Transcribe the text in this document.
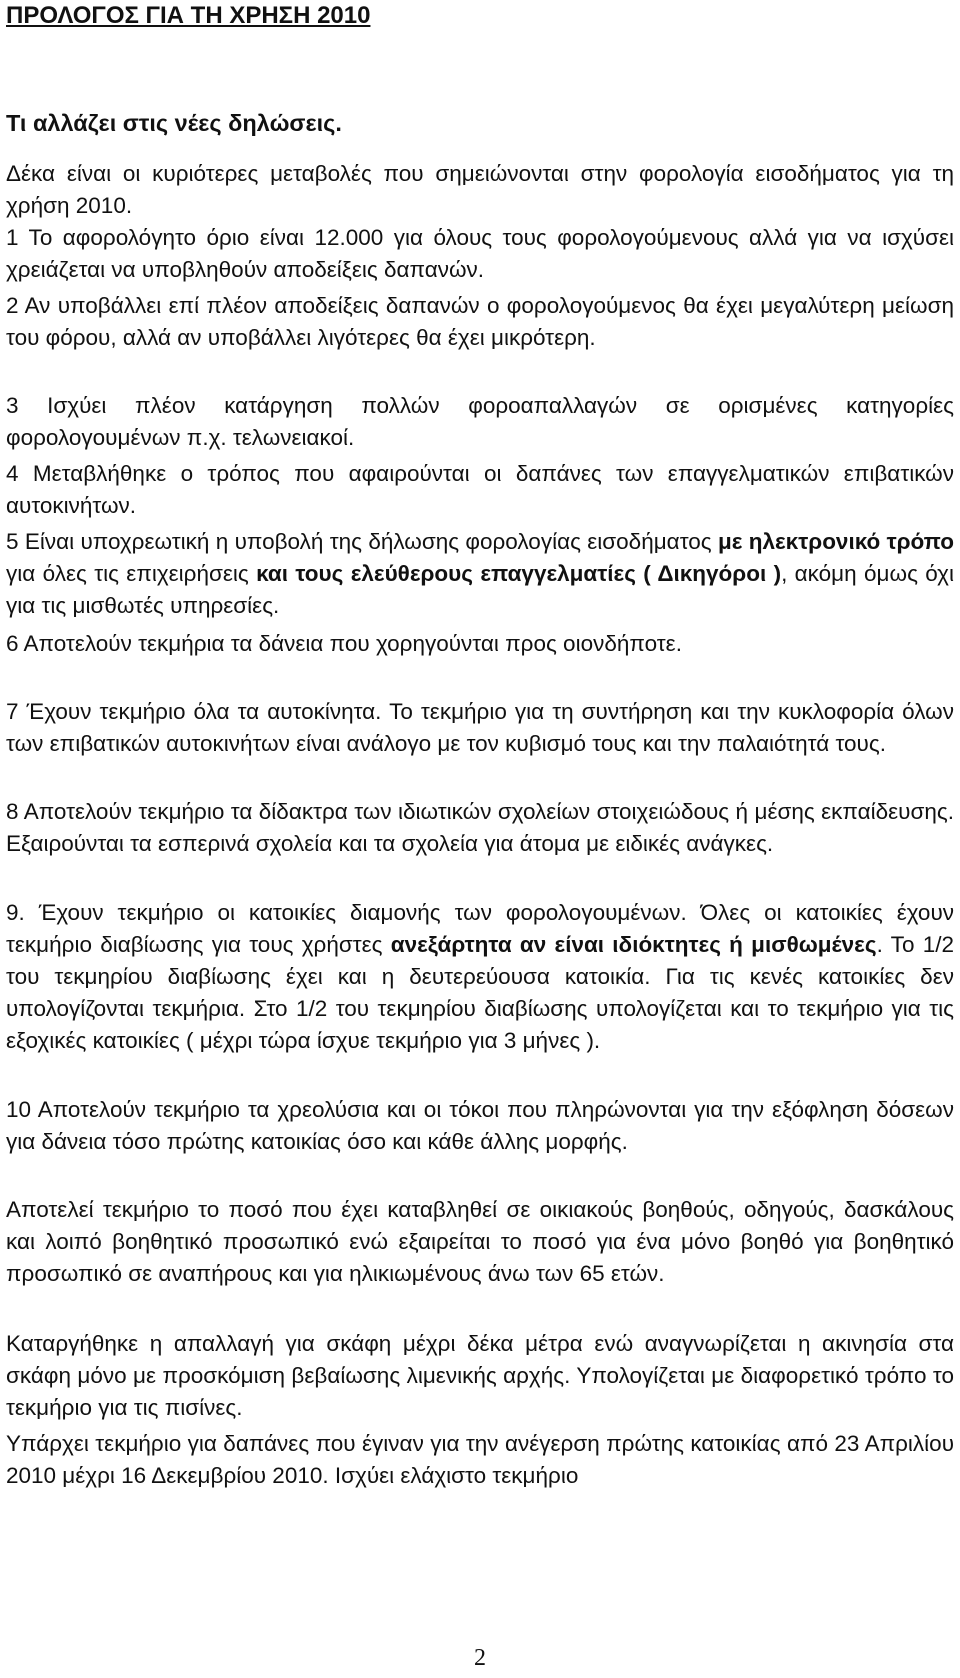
ΠΡΟΛΟΓΟΣ ΓΙΑ ΤΗ ΧΡΗΣΗ 2010
Τι αλλάζει στις νέες δηλώσεις.
Δέκα είναι οι κυριότερες μεταβολές που σημειώνονται στην φορολογία εισοδήματος για τη χρήση 2010.
1 Το αφορολόγητο όριο είναι 12.000 για όλους τους φορολογούμενους αλλά για να ισχύσει χρειάζεται να υποβληθούν αποδείξεις δαπανών.
2 Αν υποβάλλει επί πλέον αποδείξεις δαπανών ο φορολογούμενος θα έχει μεγαλύτερη μείωση του φόρου, αλλά αν υποβάλλει λιγότερες θα έχει μικρότερη.
3 Ισχύει πλέον κατάργηση πολλών φοροαπαλλαγών σε ορισμένες κατηγορίες φορολογουμένων π.χ. τελωνειακοί.
4 Μεταβλήθηκε ο τρόπος που αφαιρούνται οι δαπάνες των επαγγελματικών επιβατικών αυτοκινήτων.
5 Είναι υποχρεωτική η υποβολή της δήλωσης φορολογίας εισοδήματος με ηλεκτρονικό τρόπο για όλες τις επιχειρήσεις και τους ελεύθερους επαγγελματίες ( Δικηγόροι ), ακόμη όμως όχι για τις μισθωτές υπηρεσίες.
6 Αποτελούν τεκμήρια τα δάνεια που χορηγούνται προς οιονδήποτε.
7 Έχουν τεκμήριο όλα τα αυτοκίνητα. Το τεκμήριο για τη συντήρηση και την κυκλοφορία όλων των επιβατικών αυτοκινήτων είναι ανάλογο με τον κυβισμό τους και την παλαιότητά τους.
8 Αποτελούν τεκμήριο τα δίδακτρα των ιδιωτικών σχολείων στοιχειώδους ή μέσης εκπαίδευσης. Εξαιρούνται τα εσπερινά σχολεία και τα σχολεία για άτομα με ειδικές ανάγκες.
9. Έχουν τεκμήριο οι κατοικίες διαμονής των φορολογουμένων. Όλες οι κατοικίες έχουν τεκμήριο διαβίωσης για τους χρήστες ανεξάρτητα αν είναι ιδιόκτητες ή μισθωμένες. Το 1/2 του τεκμηρίου διαβίωσης έχει και η δευτερεύουσα κατοικία. Για τις κενές κατοικίες δεν υπολογίζονται τεκμήρια. Στο 1/2 του τεκμηρίου διαβίωσης υπολογίζεται και το τεκμήριο για τις εξοχικές κατοικίες ( μέχρι τώρα ίσχυε τεκμήριο για 3 μήνες ).
10 Αποτελούν τεκμήριο τα χρεολύσια και οι τόκοι που πληρώνονται για την εξόφληση δόσεων για δάνεια τόσο πρώτης κατοικίας όσο και κάθε άλλης μορφής.
Αποτελεί τεκμήριο το ποσό που έχει καταβληθεί σε οικιακούς βοηθούς, οδηγούς, δασκάλους και λοιπό βοηθητικό προσωπικό ενώ εξαιρείται το ποσό για ένα μόνο βοηθό για βοηθητικό προσωπικό σε αναπήρους και για ηλικιωμένους άνω των 65 ετών.
Καταργήθηκε η απαλλαγή για σκάφη μέχρι δέκα μέτρα ενώ αναγνωρίζεται η ακινησία στα σκάφη μόνο με προσκόμιση βεβαίωσης λιμενικής αρχής. Υπολογίζεται με διαφορετικό τρόπο το τεκμήριο για τις πισίνες.
Υπάρχει τεκμήριο για δαπάνες που έγιναν για την ανέγερση πρώτης κατοικίας από 23 Απριλίου 2010 μέχρι 16 Δεκεμβρίου 2010. Ισχύει ελάχιστο τεκμήριο
2
